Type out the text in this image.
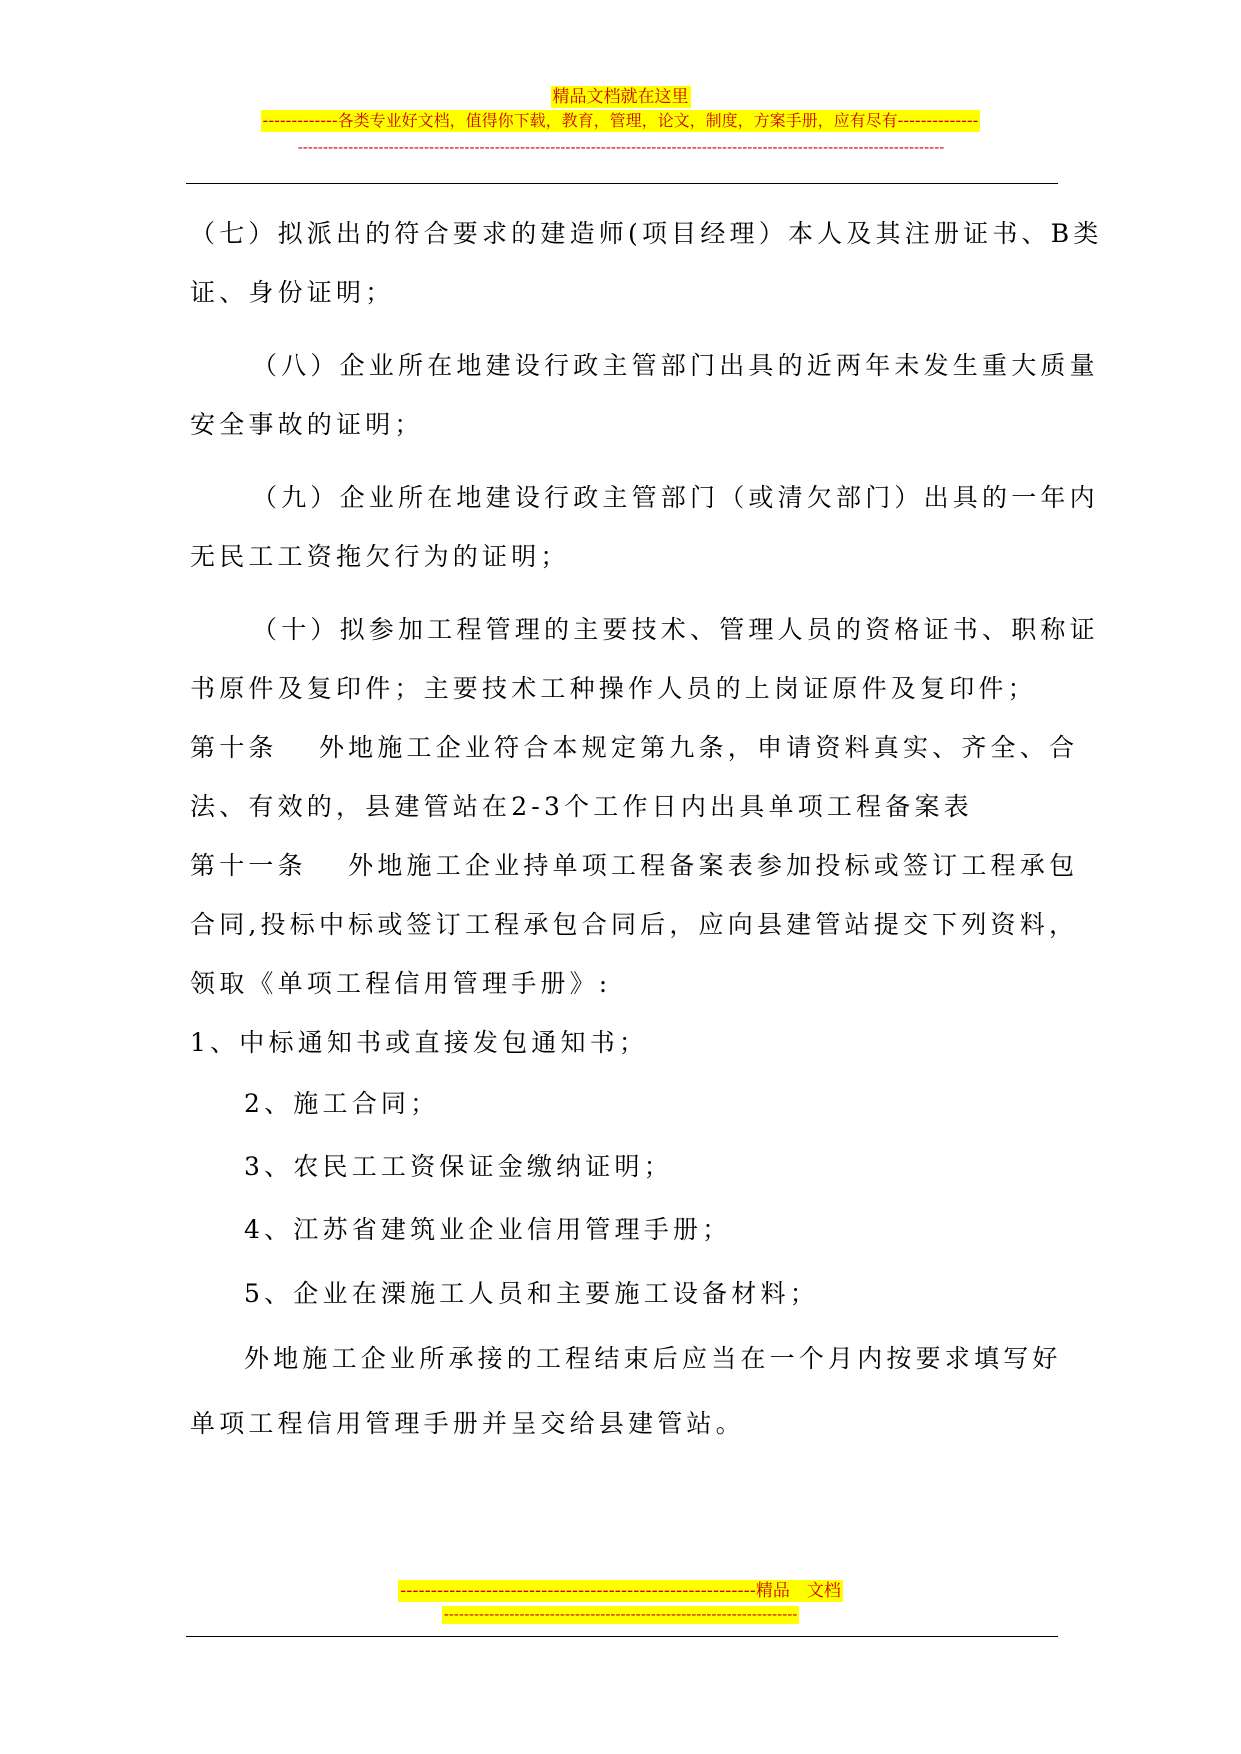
精品文档就在这里
-------------各类专业好文档，值得你下载，教育，管理，论文，制度，方案手册，应有尽有--------------
--------------------------------------------------------------------------------------------------------------------------------
（七）拟派出的符合要求的建造师(项目经理）本人及其注册证书、B类
证、身份证明；
（八）企业所在地建设行政主管部门出具的近两年未发生重大质量
安全事故的证明；
（九）企业所在地建设行政主管部门（或清欠部门）出具的一年内
无民工工资拖欠行为的证明；
（十）拟参加工程管理的主要技术、管理人员的资格证书、职称证
书原件及复印件；主要技术工种操作人员的上岗证原件及复印件；
第十条　 外地施工企业符合本规定第九条，申请资料真实、齐全、合
法、有效的，县建管站在2-3个工作日内出具单项工程备案表
第十一条　 外地施工企业持单项工程备案表参加投标或签订工程承包
合同,投标中标或签订工程承包合同后，应向县建管站提交下列资料，
领取《单项工程信用管理手册》:
1、中标通知书或直接发包通知书；
2、施工合同；
3、农民工工资保证金缴纳证明；
4、江苏省建筑业企业信用管理手册；
5、企业在溧施工人员和主要施工设备材料；
外地施工企业所承接的工程结束后应当在一个月内按要求填写好
单项工程信用管理手册并呈交给县建管站。
----------------------------------------------------------精品　文档
----------------------------------------------------------------------
